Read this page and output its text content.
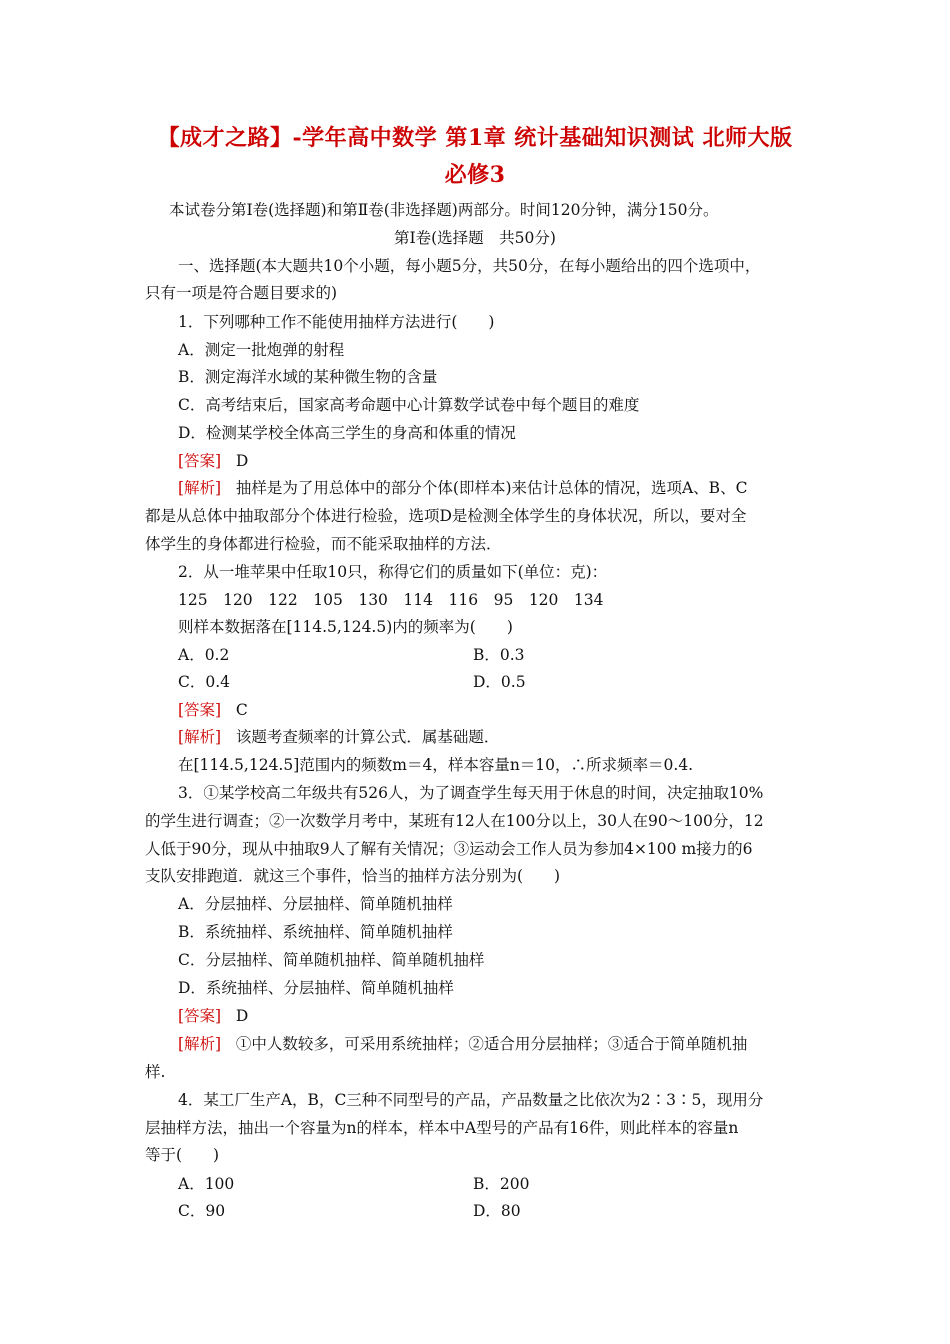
【成才之路】-学年高中数学 第1章 统计基础知识测试 北师大版
必修3
本试卷分第Ⅰ卷(选择题)和第Ⅱ卷(非选择题)两部分。时间120分钟，满分150分。
第Ⅰ卷(选择题　共50分)
一、选择题(本大题共10个小题，每小题5分，共50分，在每小题给出的四个选项中，
只有一项是符合题目要求的)
1．下列哪种工作不能使用抽样方法进行(　　)
A．测定一批炮弹的射程
B．测定海洋水域的某种微生物的含量
C．高考结束后，国家高考命题中心计算数学试卷中每个题目的难度
D．检测某学校全体高三学生的身高和体重的情况
[答案] D
[解析] 抽样是为了用总体中的部分个体(即样本)来估计总体的情况，选项A、B、C
都是从总体中抽取部分个体进行检验，选项D是检测全体学生的身体状况，所以，要对全
体学生的身体都进行检验，而不能采取抽样的方法．
2．从一堆苹果中任取10只，称得它们的质量如下(单位：克)：
125　120　122　105　130　114　116　95　120　134
则样本数据落在[114.5,124.5)内的频率为(　　)
A．0.2	B．0.3
C．0.4	D．0.5
[答案] C
[解析] 该题考查频率的计算公式．属基础题．
在[114.5,124.5]范围内的频数m＝4，样本容量n＝10，∴所求频率＝0.4.
3．①某学校高二年级共有526人，为了调查学生每天用于休息的时间，决定抽取10%
的学生进行调查；②一次数学月考中，某班有12人在100分以上，30人在90～100分，12
人低于90分，现从中抽取9人了解有关情况；③运动会工作人员为参加4×100 m接力的6
支队安排跑道．就这三个事件，恰当的抽样方法分别为(　　)
A．分层抽样、分层抽样、简单随机抽样
B．系统抽样、系统抽样、简单随机抽样
C．分层抽样、简单随机抽样、简单随机抽样
D．系统抽样、分层抽样、简单随机抽样
[答案] D
[解析] ①中人数较多，可采用系统抽样；②适合用分层抽样；③适合于简单随机抽
样.
4．某工厂生产A，B，C三种不同型号的产品，产品数量之比依次为2∶3∶5，现用分
层抽样方法，抽出一个容量为n的样本，样本中A型号的产品有16件，则此样本的容量n
等于(　　)
A．100	B．200
C．90	D．80
